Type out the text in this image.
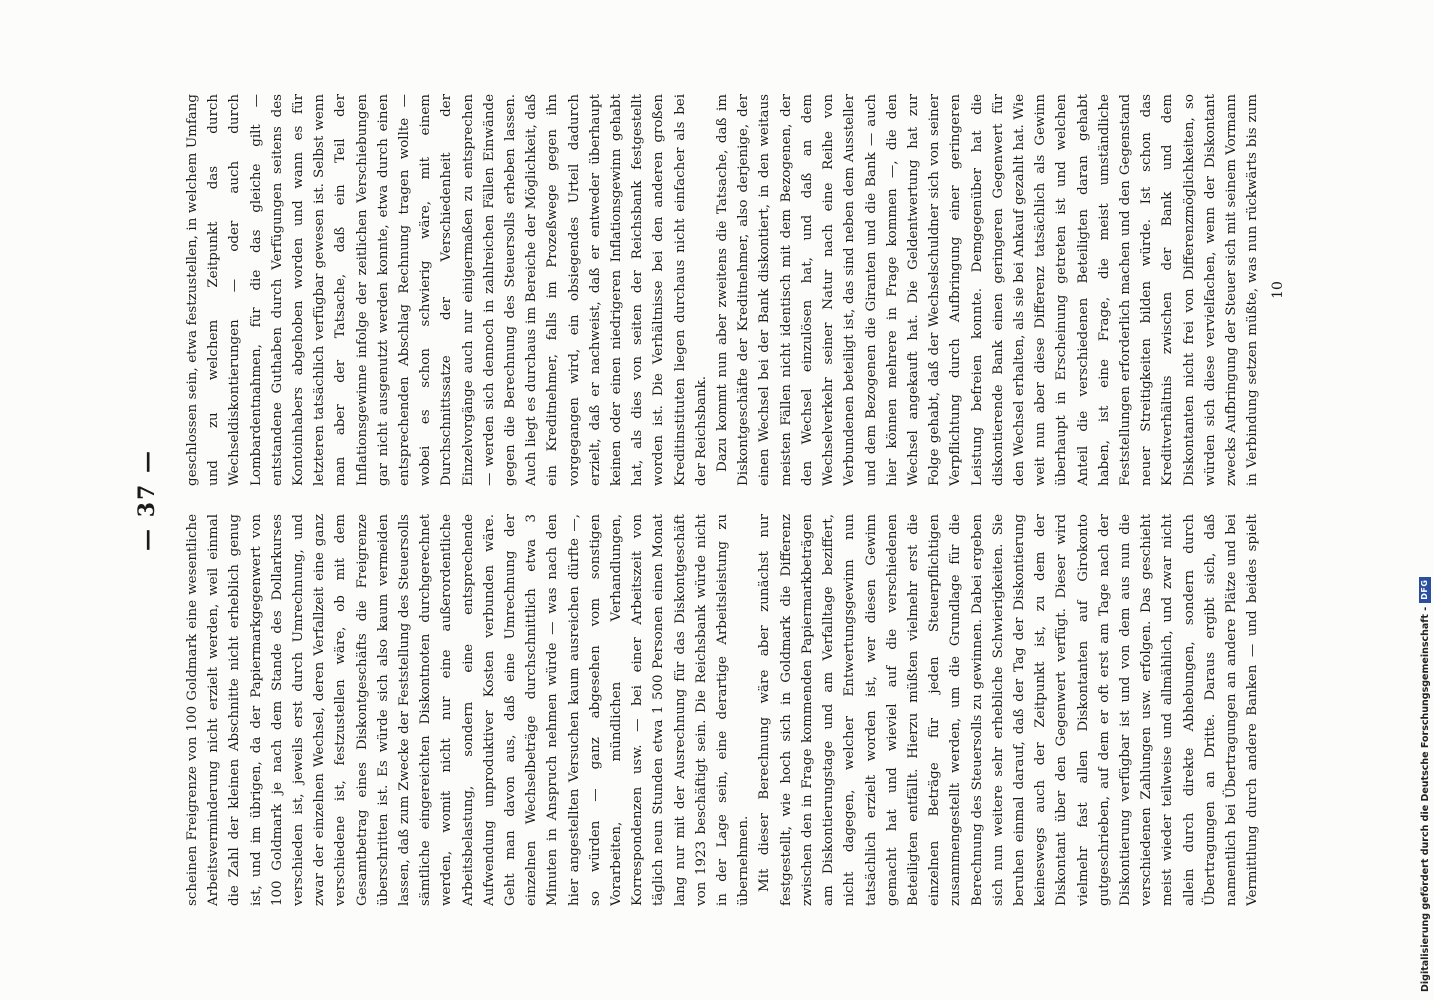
— 37 —

scheinen Freigrenze von 100 Goldmark eine wesentliche Arbeitsverminderung nicht erzielt werden, weil einmal die Zahl der kleinen Abschnitte nicht erheblich genug ist, und im übrigen, da der Papiermarkgegenwert von 100 Goldmark je nach dem Stande des Dollarkurses verschieden ist, jeweils erst durch Umrechnung, und zwar der einzelnen Wechsel, deren Verfallzeit eine ganz verschiedene ist, festzustellen wäre, ob mit dem Gesamtbetrag eines Diskontgeschäfts die Freigrenze überschritten ist. Es würde sich also kaum vermeiden lassen, daß zum Zwecke der Feststellung des Steuersolls sämtliche eingereichten Diskontnoten durchgerechnet werden, womit nicht nur eine außerordentliche Arbeitsbelastung, sondern eine entsprechende Aufwendung unproduktiver Kosten verbunden wäre. Geht man davon aus, daß eine Umrechnung der einzelnen Wechselbeträge durchschnittlich etwa 3 Minuten in Anspruch nehmen würde — was nach den hier angestellten Versuchen kaum ausreichen dürfte —, so würden — ganz abgesehen vom sonstigen Vorarbeiten, mündlichen Verhandlungen, Korrespondenzen usw. — bei einer Arbeitszeit von täglich neun Stunden etwa 1 500 Personen einen Monat lang nur mit der Ausrechnung für das Diskontgeschäft von 1923 beschäftigt sein. Die Reichsbank würde nicht in der Lage sein, eine derartige Arbeitsleistung zu übernehmen. Mit dieser Berechnung wäre aber zunächst nur festgestellt, wie hoch sich in Goldmark die Differenz zwischen den in Frage kommenden Papiermarkbeträgen am Diskontierungstage und am Verfalltage beziffert, nicht dagegen, welcher Entwertungsgewinn nun tatsächlich erzielt worden ist, wer diesen Gewinn gemacht hat und wieviel auf die verschiedenen Beteiligten entfällt. Hierzu müßten vielmehr erst die einzelnen Beträge für jeden Steuerpflichtigen zusammengestellt werden, um die Grundlage für die Berechnung des Steuersolls zu gewinnen. Dabei ergeben sich nun weitere sehr erhebliche Schwierigkeiten. Sie beruhen einmal darauf, daß der Tag der Diskontierung keineswegs auch der Zeitpunkt ist, zu dem der Diskontant über den Gegenwert verfügt. Dieser wird vielmehr fast allen Diskontanten auf Girokonto gutgeschrieben, auf dem er oft erst am Tage nach der Diskontierung verfügbar ist und von dem aus nun die verschiedenen Zahlungen usw. erfolgen. Das geschieht meist wieder teilweise und allmählich, und zwar nicht allein durch direkte Abhebungen, sondern durch Übertragungen an Dritte. Daraus ergibt sich, daß namentlich bei Übertragungen an andere Plätze und bei Vermittlung durch andere Banken — und beides spielt

geschlossen sein, etwa festzustellen, in welchem Umfang und zu welchem Zeitpunkt das durch Wechseldiskontierungen — oder auch durch Lombardentnahmen, für die das gleiche gilt — entstandene Guthaben durch Verfügungen seitens des Kontoinhabers abgehoben worden und wann es für letzteren tatsächlich verfügbar gewesen ist. Selbst wenn man aber der Tatsache, daß ein Teil der Inflationsgewinne infolge der zeitlichen Verschiebungen gar nicht ausgenutzt werden konnte, etwa durch einen entsprechenden Abschlag Rechnung tragen wollte — wobei es schon schwierig wäre, mit einem Durchschnittssatze der Verschiedenheit der Einzelvorgänge auch nur einigermaßen zu entsprechen — werden sich dennoch in zahlreichen Fällen Einwände gegen die Berechnung des Steuersolls erheben lassen. Auch liegt es durchaus im Bereiche der Möglichkeit, daß ein Kreditnehmer, falls im Prozeßwege gegen ihn vorgegangen wird, ein obsiegendes Urteil dadurch erzielt, daß er nachweist, daß er entweder überhaupt keinen oder einen niedrigeren Inflationsgewinn gehabt hat, als dies von seiten der Reichsbank festgestellt worden ist. Die Verhältnisse bei den anderen großen Kreditinstituten liegen durchaus nicht einfacher als bei der Reichsbank. Dazu kommt nun aber zweitens die Tatsache, daß im Diskontgeschäfte der Kreditnehmer, also derjenige, der einen Wechsel bei der Bank diskontiert, in den weitaus meisten Fällen nicht identisch mit dem Bezogenen, der den Wechsel einzulösen hat, und daß an dem Wechselverkehr seiner Natur nach eine Reihe von Verbundenen beteiligt ist, das sind neben dem Aussteller und dem Bezogenen die Giranten und die Bank — auch hier können mehrere in Frage kommen —, die den Wechsel angekauft hat. Die Geldentwertung hat zur Folge gehabt, daß der Wechselschuldner sich von seiner Verpflichtung durch Aufbringung einer geringeren Leistung befreien konnte. Demgegenüber hat die diskontierende Bank einen geringeren Gegenwert für den Wechsel erhalten, als sie bei Ankauf gezahlt hat. Wie weit nun aber diese Differenz tatsächlich als Gewinn überhaupt in Erscheinung getreten ist und welchen Anteil die verschiedenen Beteiligten daran gehabt haben, ist eine Frage, die meist umständliche Feststellungen erforderlich machen und den Gegenstand neuer Streitigkeiten bilden würde. Ist schon das Kreditverhältnis zwischen der Bank und dem Diskontanten nicht frei von Differenzmöglichkeiten, so würden sich diese vervielfachen, wenn der Diskontant zwecks Aufbringung der Steuer sich mit seinem Vormann in Verbindung setzen müßte, was nun rückwärts bis zum

10
Digitalisierung gefördert durch die Deutsche Forschungsgemeinschaft -
DFG
